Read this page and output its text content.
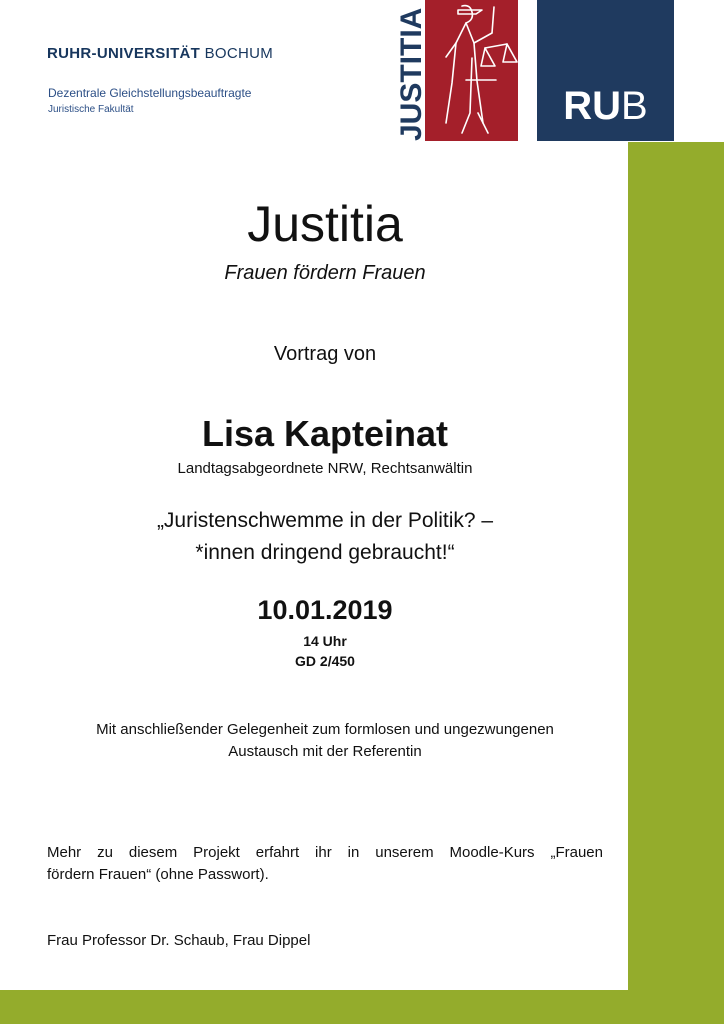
RUHR-UNIVERSITÄT BOCHUM
Dezentrale Gleichstellungsbeauftragte
Juristische Fakultät	JUSTITIA	RUB
Justitia
Frauen fördern Frauen
Vortrag von
Lisa Kapteinat
Landtagsabgeordnete NRW, Rechtsanwältin
„Juristenschwemme in der Politik? –
*innen dringend gebraucht!“
10.01.2019
14 Uhr
GD 2/450
Mit anschließender Gelegenheit zum formlosen und ungezwungenen
Austausch mit der Referentin
Mehr zu diesem Projekt erfahrt ihr in unserem Moodle-Kurs „Frauen
fördern Frauen“ (ohne Passwort).
Frau Professor Dr. Schaub, Frau Dippel
